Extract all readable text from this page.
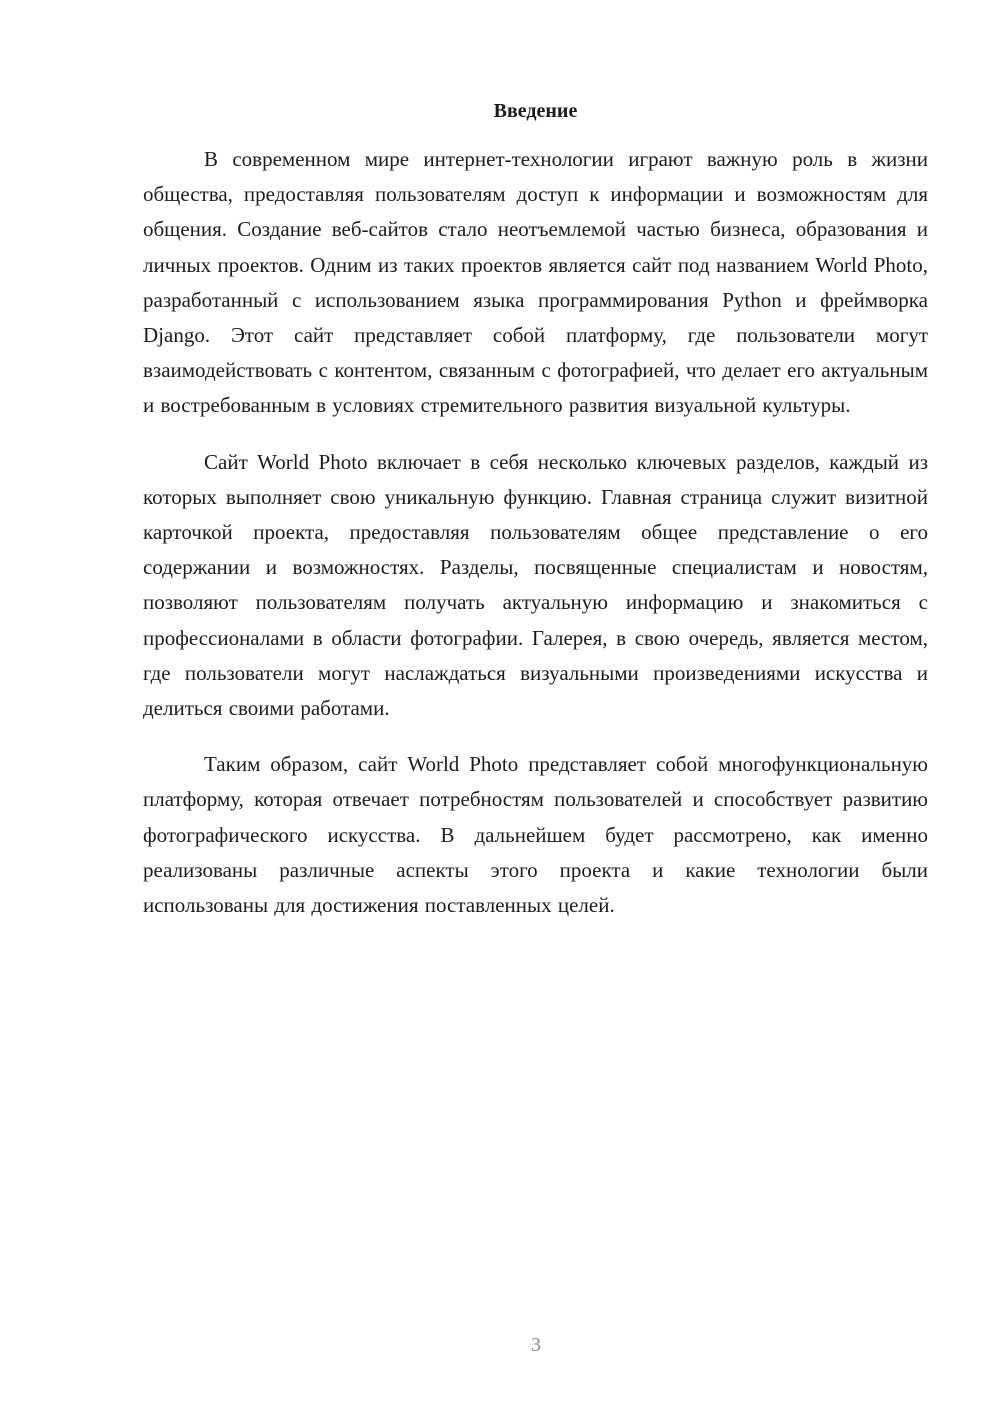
Введение

В современном мире интернет-технологии играют важную роль в жизни общества, предоставляя пользователям доступ к информации и возможностям для общения. Создание веб-сайтов стало неотъемлемой частью бизнеса, образования и личных проектов. Одним из таких проектов является сайт под названием World Photo, разработанный с использованием языка программирования Python и фреймворка Django. Этот сайт представляет собой платформу, где пользователи могут взаимодействовать с контентом, связанным с фотографией, что делает его актуальным и востребованным в условиях стремительного развития визуальной культуры.

Сайт World Photo включает в себя несколько ключевых разделов, каждый из которых выполняет свою уникальную функцию. Главная страница служит визитной карточкой проекта, предоставляя пользователям общее представление о его содержании и возможностях. Разделы, посвященные специалистам и новостям, позволяют пользователям получать актуальную информацию и знакомиться с профессионалами в области фотографии. Галерея, в свою очередь, является местом, где пользователи могут наслаждаться визуальными произведениями искусства и делиться своими работами.

Таким образом, сайт World Photo представляет собой многофункциональную платформу, которая отвечает потребностям пользователей и способствует развитию фотографического искусства. В дальнейшем будет рассмотрено, как именно реализованы различные аспекты этого проекта и какие технологии были использованы для достижения поставленных целей.

3
